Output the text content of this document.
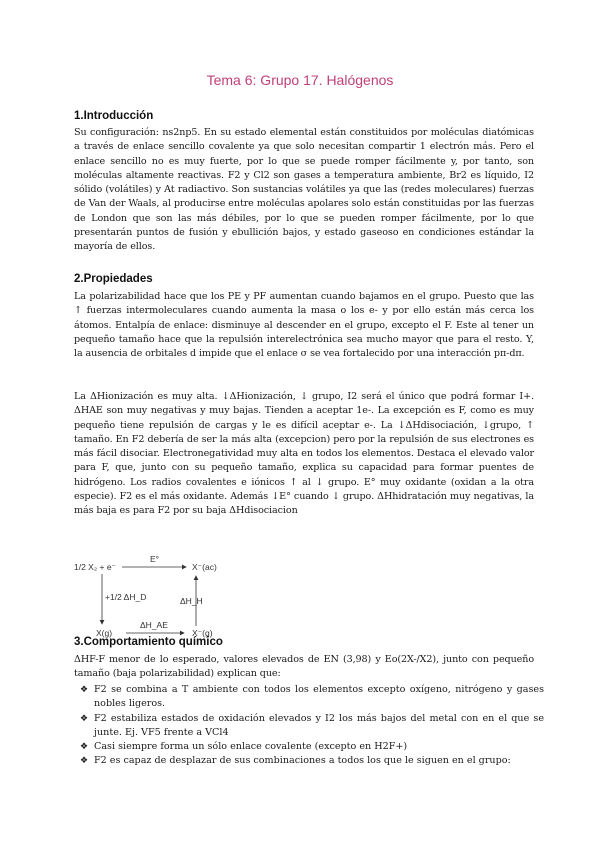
Tema 6: Grupo 17. Halógenos
1.Introducción

Su configuración: ns2np5. En su estado elemental están constituidos por moléculas diatómicas a través de enlace sencillo covalente ya que solo necesitan compartir 1 electrón más. Pero el enlace sencillo no es muy fuerte, por lo que se puede romper fácilmente y, por tanto, son moléculas altamente reactivas. F2 y Cl2 son gases a temperatura ambiente, Br2 es líquido, I2 sólido (volátiles) y At radiactivo. Son sustancias volátiles ya que las (redes moleculares) fuerzas de Van der Waals, al producirse entre moléculas apolares solo están constituidas por las fuerzas de London que son las más débiles, por lo que se pueden romper fácilmente, por lo que presentarán puntos de fusión y ebullición bajos, y estado gaseoso en condiciones estándar la mayoría de ellos.

2.Propiedades

La polarizabilidad hace que los PE y PF aumentan cuando bajamos en el grupo. Puesto que las ↑ fuerzas intermoleculares cuando aumenta la masa o los e- y por ello están más cerca los átomos. Entalpía de enlace: disminuye al descender en el grupo, excepto el F. Este al tener un pequeño tamaño hace que la repulsión interelectrónica sea mucho mayor que para el resto. Y, la ausencia de orbitales d impide que el enlace σ se vea fortalecido por una interacción pπ-dπ.

La ΔHionización es muy alta. ↓ΔHionización, ↓ grupo, I2 será el único que podrá formar I+. ΔHAE son muy negativas y muy bajas. Tienden a aceptar 1e-. La excepción es F, como es muy pequeño tiene repulsión de cargas y le es difícil aceptar e-. La ↓ΔHdisociación, ↓grupo, ↑ tamaño. En F2 debería de ser la más alta (excepcion) pero por la repulsión de sus electrones es más fácil disociar. Electronegatividad muy alta en todos los elementos. Destaca el elevado valor para F, que, junto con su pequeño tamaño, explica su capacidad para formar puentes de hidrógeno. Los radios covalentes e iónicos ↑ al ↓ grupo. E° muy oxidante (oxidan a la otra especie). F2 es el más oxidante. Además ↓E° cuando ↓ grupo. ΔHhidratación muy negativas, la más baja es para F2 por su baja ΔHdisociacion

1/2 X₂ + e⁻
E°
X⁻(ac)
+1/2 ΔH_D	ΔH_H
ΔH_AE
X(g)	X⁻(g)
3.Comportamiento químico

ΔHF-F menor de lo esperado, valores elevados de EN (3,98) y Eo(2X-/X2), junto con pequeño tamaño (baja polarizabilidad) explican que:

❖ F2 se combina a T ambiente con todos los elementos excepto oxígeno, nitrógeno y gases nobles ligeros.
❖ F2 estabiliza estados de oxidación elevados y I2 los más bajos del metal con en el que se junte. Ej. VF5 frente a VCl4
❖ Casi siempre forma un sólo enlace covalente (excepto en H2F+)
❖ F2 es capaz de desplazar de sus combinaciones a todos los que le siguen en el grupo:
